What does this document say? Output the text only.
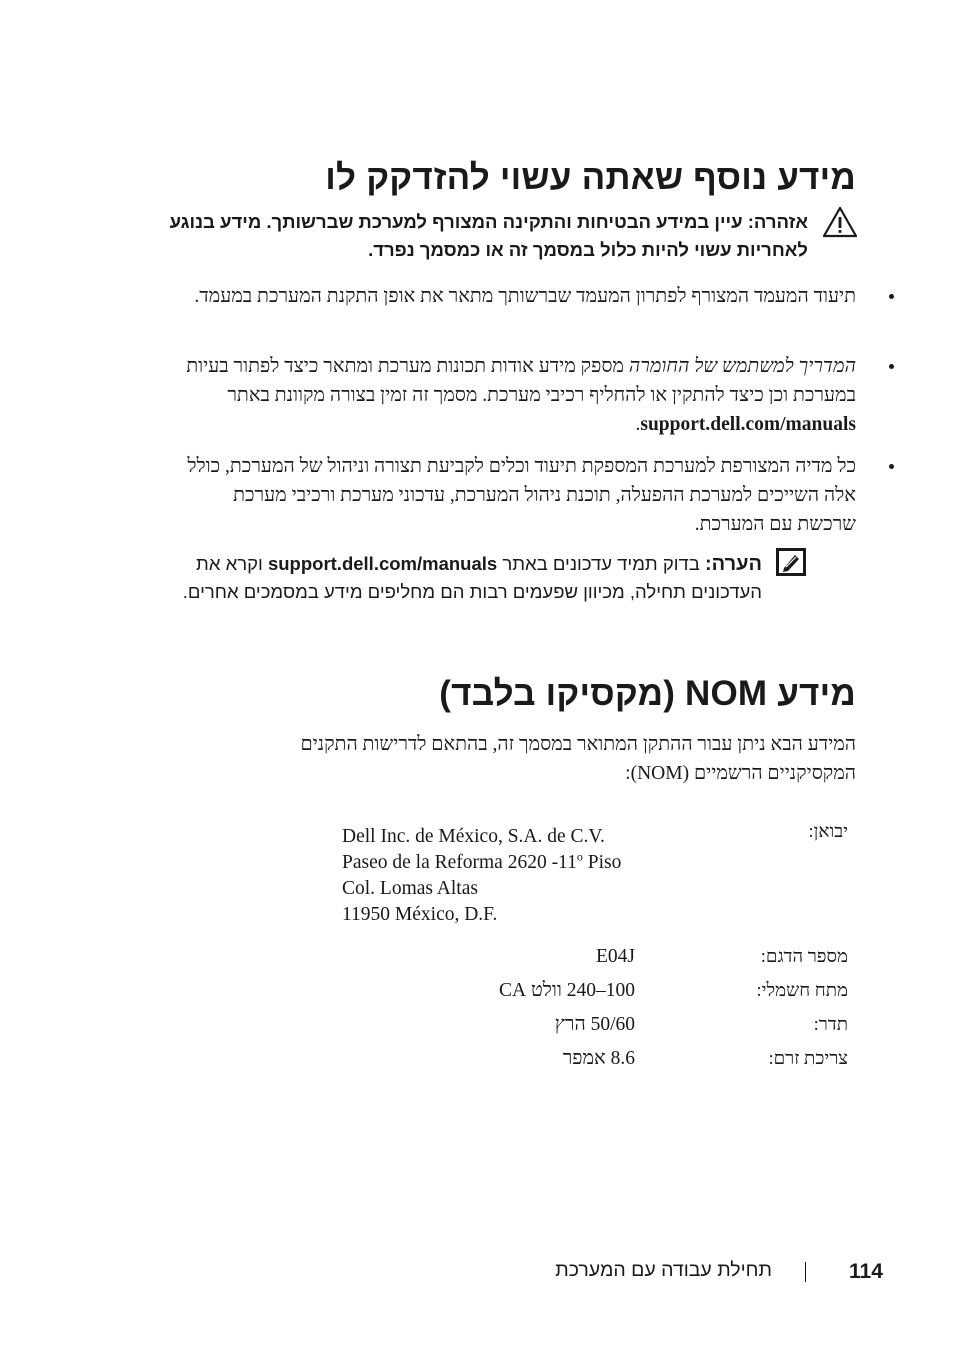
מידע נוסף שאתה עשוי להזדקק לו
אזהרה: עיין במידע הבטיחות והתקינה המצורף למערכת שברשותך. מידע בנוגע לאחריות עשוי להיות כלול במסמך זה או כמסמך נפרד.
תיעוד המעמד המצורף לפתרון המעמד שברשותך מתאר את אופן התקנת המערכת במעמד.
המדריך למשתמש של החומרה מספק מידע אודות תכונות מערכת ומתאר כיצד לפתור בעיות במערכת וכן כיצד להתקין או להחליף רכיבי מערכת. מסמך זה זמין בצורה מקוונת באתר support.dell.com/manuals.
כל מדיה המצורפת למערכת המספקת תיעוד וכלים לקביעת תצורה וניהול של המערכת, כולל אלה השייכים למערכת ההפעלה, תוכנת ניהול המערכת, עדכוני מערכת ורכיבי מערכת שרכשת עם המערכת.
הערה: בדוק תמיד עדכונים באתר support.dell.com/manuals וקרא את העדכונים תחילה, מכיוון שפעמים רבות הם מחליפים מידע במסמכים אחרים.
מידע NOM (מקסיקו בלבד)
המידע הבא ניתן עבור ההתקן המתואר במסמך זה, בהתאם לדרישות התקנים המקסיקניים הרשמיים (NOM):
יבואן:
Dell Inc. de México, S.A. de C.V.
Paseo de la Reforma 2620 -11$^o$ Piso
Col. Lomas Altas
11950 México, D.F.
מספר הדגם:
E04J
מתח חשמלי:
100–240 וולט CA
תדר:
50/60 הרץ
צריכת זרם:
8.6 אמפר
תחילת עבודה עם המערכת	114
